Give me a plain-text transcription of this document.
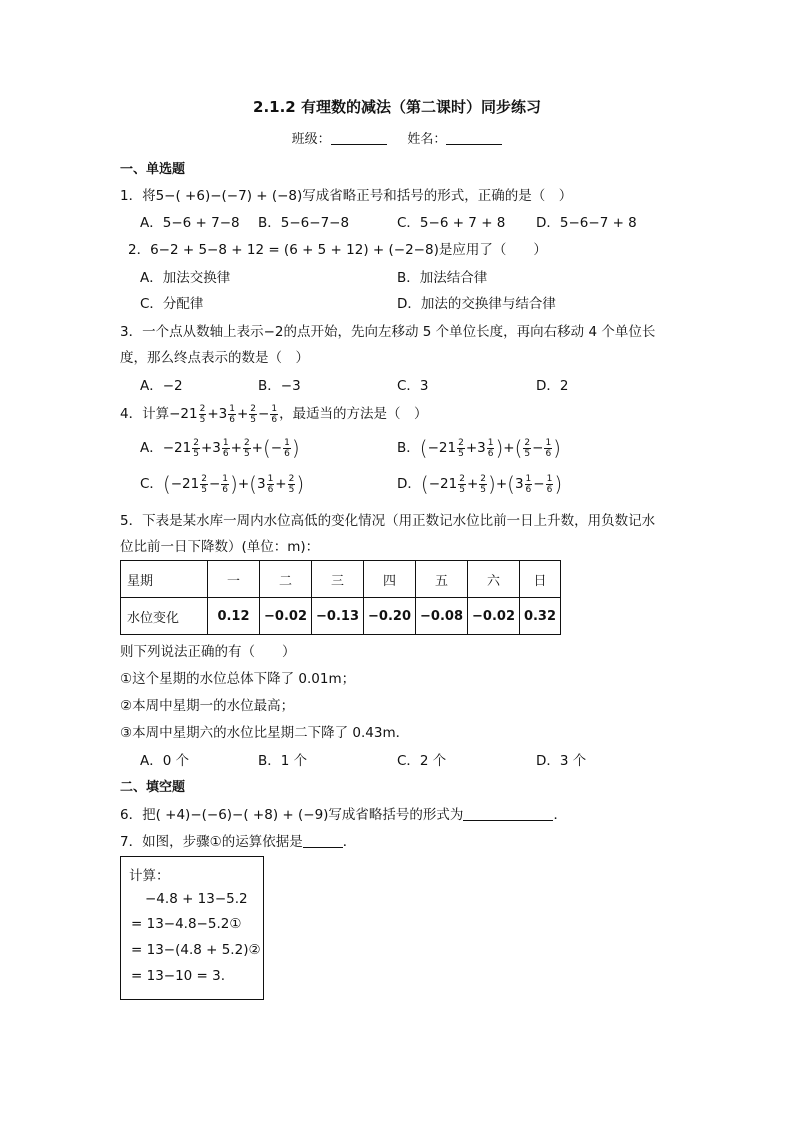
2.1.2 有理数的减法（第二课时）同步练习
班级：	姓名：
一、单选题
1．将5−( +6)−(−7) + (−8)写成省略正号和括号的形式，正确的是（　）
A．5−6 + 7−8 B．5−6−7−8	C．5−6 + 7 + 8 D．5−6−7 + 8
2．6−2 + 5−8 + 12 = (6 + 5 + 12) + (−2−8)是应用了（　　）
A．加法交换律	B．加法结合律
C．分配律	D．加法的交换律与结合律
3．一个点从数轴上表示−2的点开始，先向左移动 5 个单位长度，再向右移动 4 个单位长
度，那么终点表示的数是（　）
A．−2	B．−3	C．3	D．2
4．计算$-21 \frac{2}{5} +3 \frac{1}{6} + \frac{2}{5} - \frac{1}{6}$ ，最适当的方法是（　）
A．$-21 \frac{2}{5} +3 \frac{1}{6} + \frac{2}{5}$ +(− $\frac{1}{6}$ )	B．($-21 \frac{2}{5} +3 \frac{1}{6}$ )+( $\frac{2}{5} - \frac{1}{6}$ )
C．$(-21 \frac{2}{5} - \frac{1}{6} )+(3 \frac{1}{6} + \frac{2}{5}$ )	D．$(-21 \frac{2}{5} + \frac{2}{5} )+(3 \frac{1}{6} - \frac{1}{6}$ )
5．下表是某水库一周内水位高低的变化情况（用正数记水位比前一日上升数，用负数记水
位比前一日下降数）(单位：m)：
星期	一	二	三	四	五	六	日
水位变化	0.12	−0.02	−0.13	−0.20	−0.08	−0.02	0.32
则下列说法正确的有（　　）
①这个星期的水位总体下降了 0.01m；
②本周中星期一的水位最高；
③本周中星期六的水位比星期二下降了 0.43m．
A．0 个	B．1 个	C．2 个	D．3 个
二、填空题
6．把( +4)−(−6)−( +8) + (−9)写成省略括号的形式为	．
7．如图，步骤①的运算依据是	．
计算：
−4.8 + 13−5.2
= 13−4.8−5.2①
= 13−(4.8 + 5.2)②
= 13−10 = 3.
